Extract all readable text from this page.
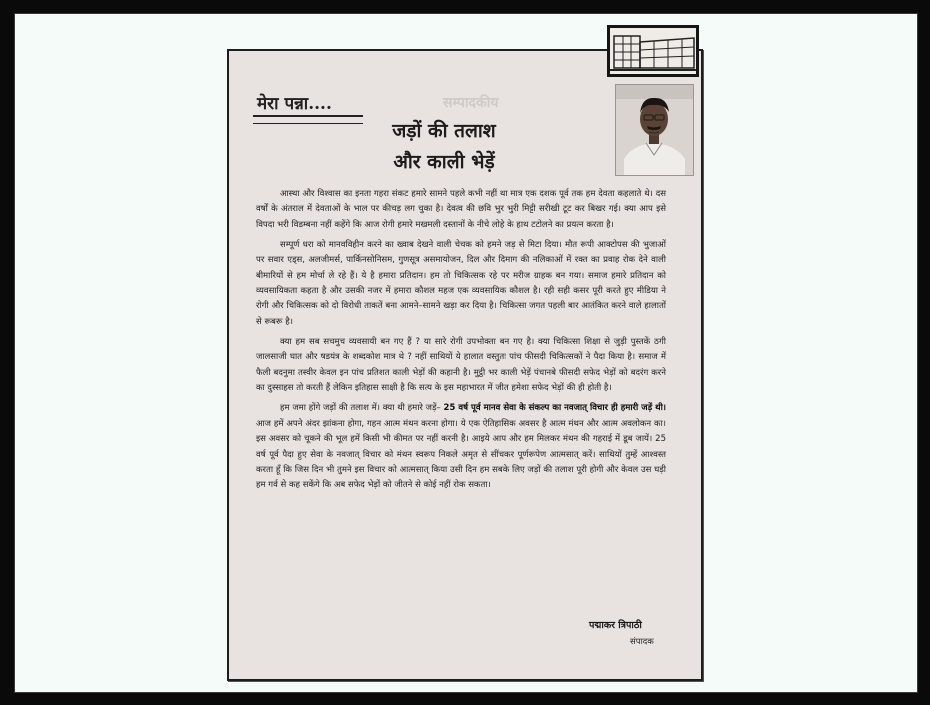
सम्पादकीय
मेरा पन्ना....
जड़ों की तलाश
और काली भेड़ें

आस्था और विश्वास का इनता गहरा संकट हमारे सामने पहले कभी नहीं था मात्र एक दशक पूर्व तक हम देवता कहलाते थे। दस वर्षों के अंतराल में देवताओं के भाल पर कीचड़ लग चुका है। देवत्व की छवि भुर भुरी मिट्टी सरीखी टूट कर बिखर गई। क्या आप इसे विपदा भरी विडम्बना नहीं कहेंगे कि आज रोगी हमारे मखमली दस्तानों के नीचे लोहे के हाथ टटोलने का प्रयत्न करता है।

सम्पूर्ण धरा को मानवविहीन करने का ख्वाब देखने वाली चेचक को हमने जड़ से मिटा दिया। मौत रूपी आक्टोपस की भुजाओं पर सवार एड्स, अलजीमर्स, पार्किनसोनिसम, गुणसूत्र असमायोजन, दिल और दिमाग की नलिकाओं में रक्त का प्रवाह रोक देने वाली बीमारियों से हम मोर्चा ले रहे हैं। ये है हमारा प्रतिदान। हम तो चिकित्सक रहे पर मरीज ग्राहक बन गया। समाज हमारे प्रतिदान को व्यवसायिकता कहता है और उसकी नजर में हमारा कौशल महज एक व्यवसायिक कौशल है। रही सही कसर पूरी करते हुए मीडिया ने रोगी और चिकित्सक को दो विरोधी ताकतें बना आमने–सामने खड़ा कर दिया है। चिकित्सा जगत पहली बार आतंकित करने वाले हालातों से रूबरू है।

क्या हम सब सचमुच व्यवसायी बन गए हैं ? या सारे रोगी उपभोक्ता बन गए है। क्या चिकित्सा शिक्षा से जुड़ी पुस्तकें ठगी जालसाजी घात और षडयंत्र के शब्दकोश मात्र थे ? नहीं साथियों ये हालात वस्तुतः पांच फीसदी चिकित्सकों ने पैदा किया है। समाज में फैली बदनुमा तस्वीर केवल इन पांच प्रतिशत काली भेड़ों की कहानी है। मुट्ठी भर काली भेड़ें पंचानबे फीसदी सफेद भेड़ों को बदरंग करने का दुस्साहस तो करती हैं लेकिन इतिहास साक्षी है कि सत्य के इस महाभारत में जीत हमेशा सफेद भेड़ों की ही होती है।

हम जमा होंगे जड़ों की तलाश में। क्या थी हमारे जड़ें– 25 वर्ष पूर्व मानव सेवा के संकल्प का नवजात् विचार ही हमारी जड़ें थी। आज हमें अपने अंदर झांकना होगा, गहन आत्म मंथन करना होगा। ये एक ऐतिहासिक अवसर है आत्म मंथन और आत्म अवलोकन का। इस अवसर को चूकने की भूल हमें किसी भी कीमत पर नहीं करनी है। आइये आप और हम मिलकर मंथन की गहराई में डूब जायें। 25 वर्ष पूर्व पैदा हुए सेवा के नवजात् विचार को मंथन स्वरूप निकले अमृत से सींचकर पूर्णरूपेण आत्मसात् करें। साथियों तुम्हें आश्वस्त करता हूँ कि जिस दिन भी तुमने इस विचार को आत्मसात् किया उसी दिन हम सबके लिए जड़ों की तलाश पूरी होगी और केवल उस घड़ी हम गर्व से कह सकेंगे कि अब सफेद भेड़ों को जीतने से कोई नहीं रोक सकता।

पद्माकर त्रिपाठी
संपादक
